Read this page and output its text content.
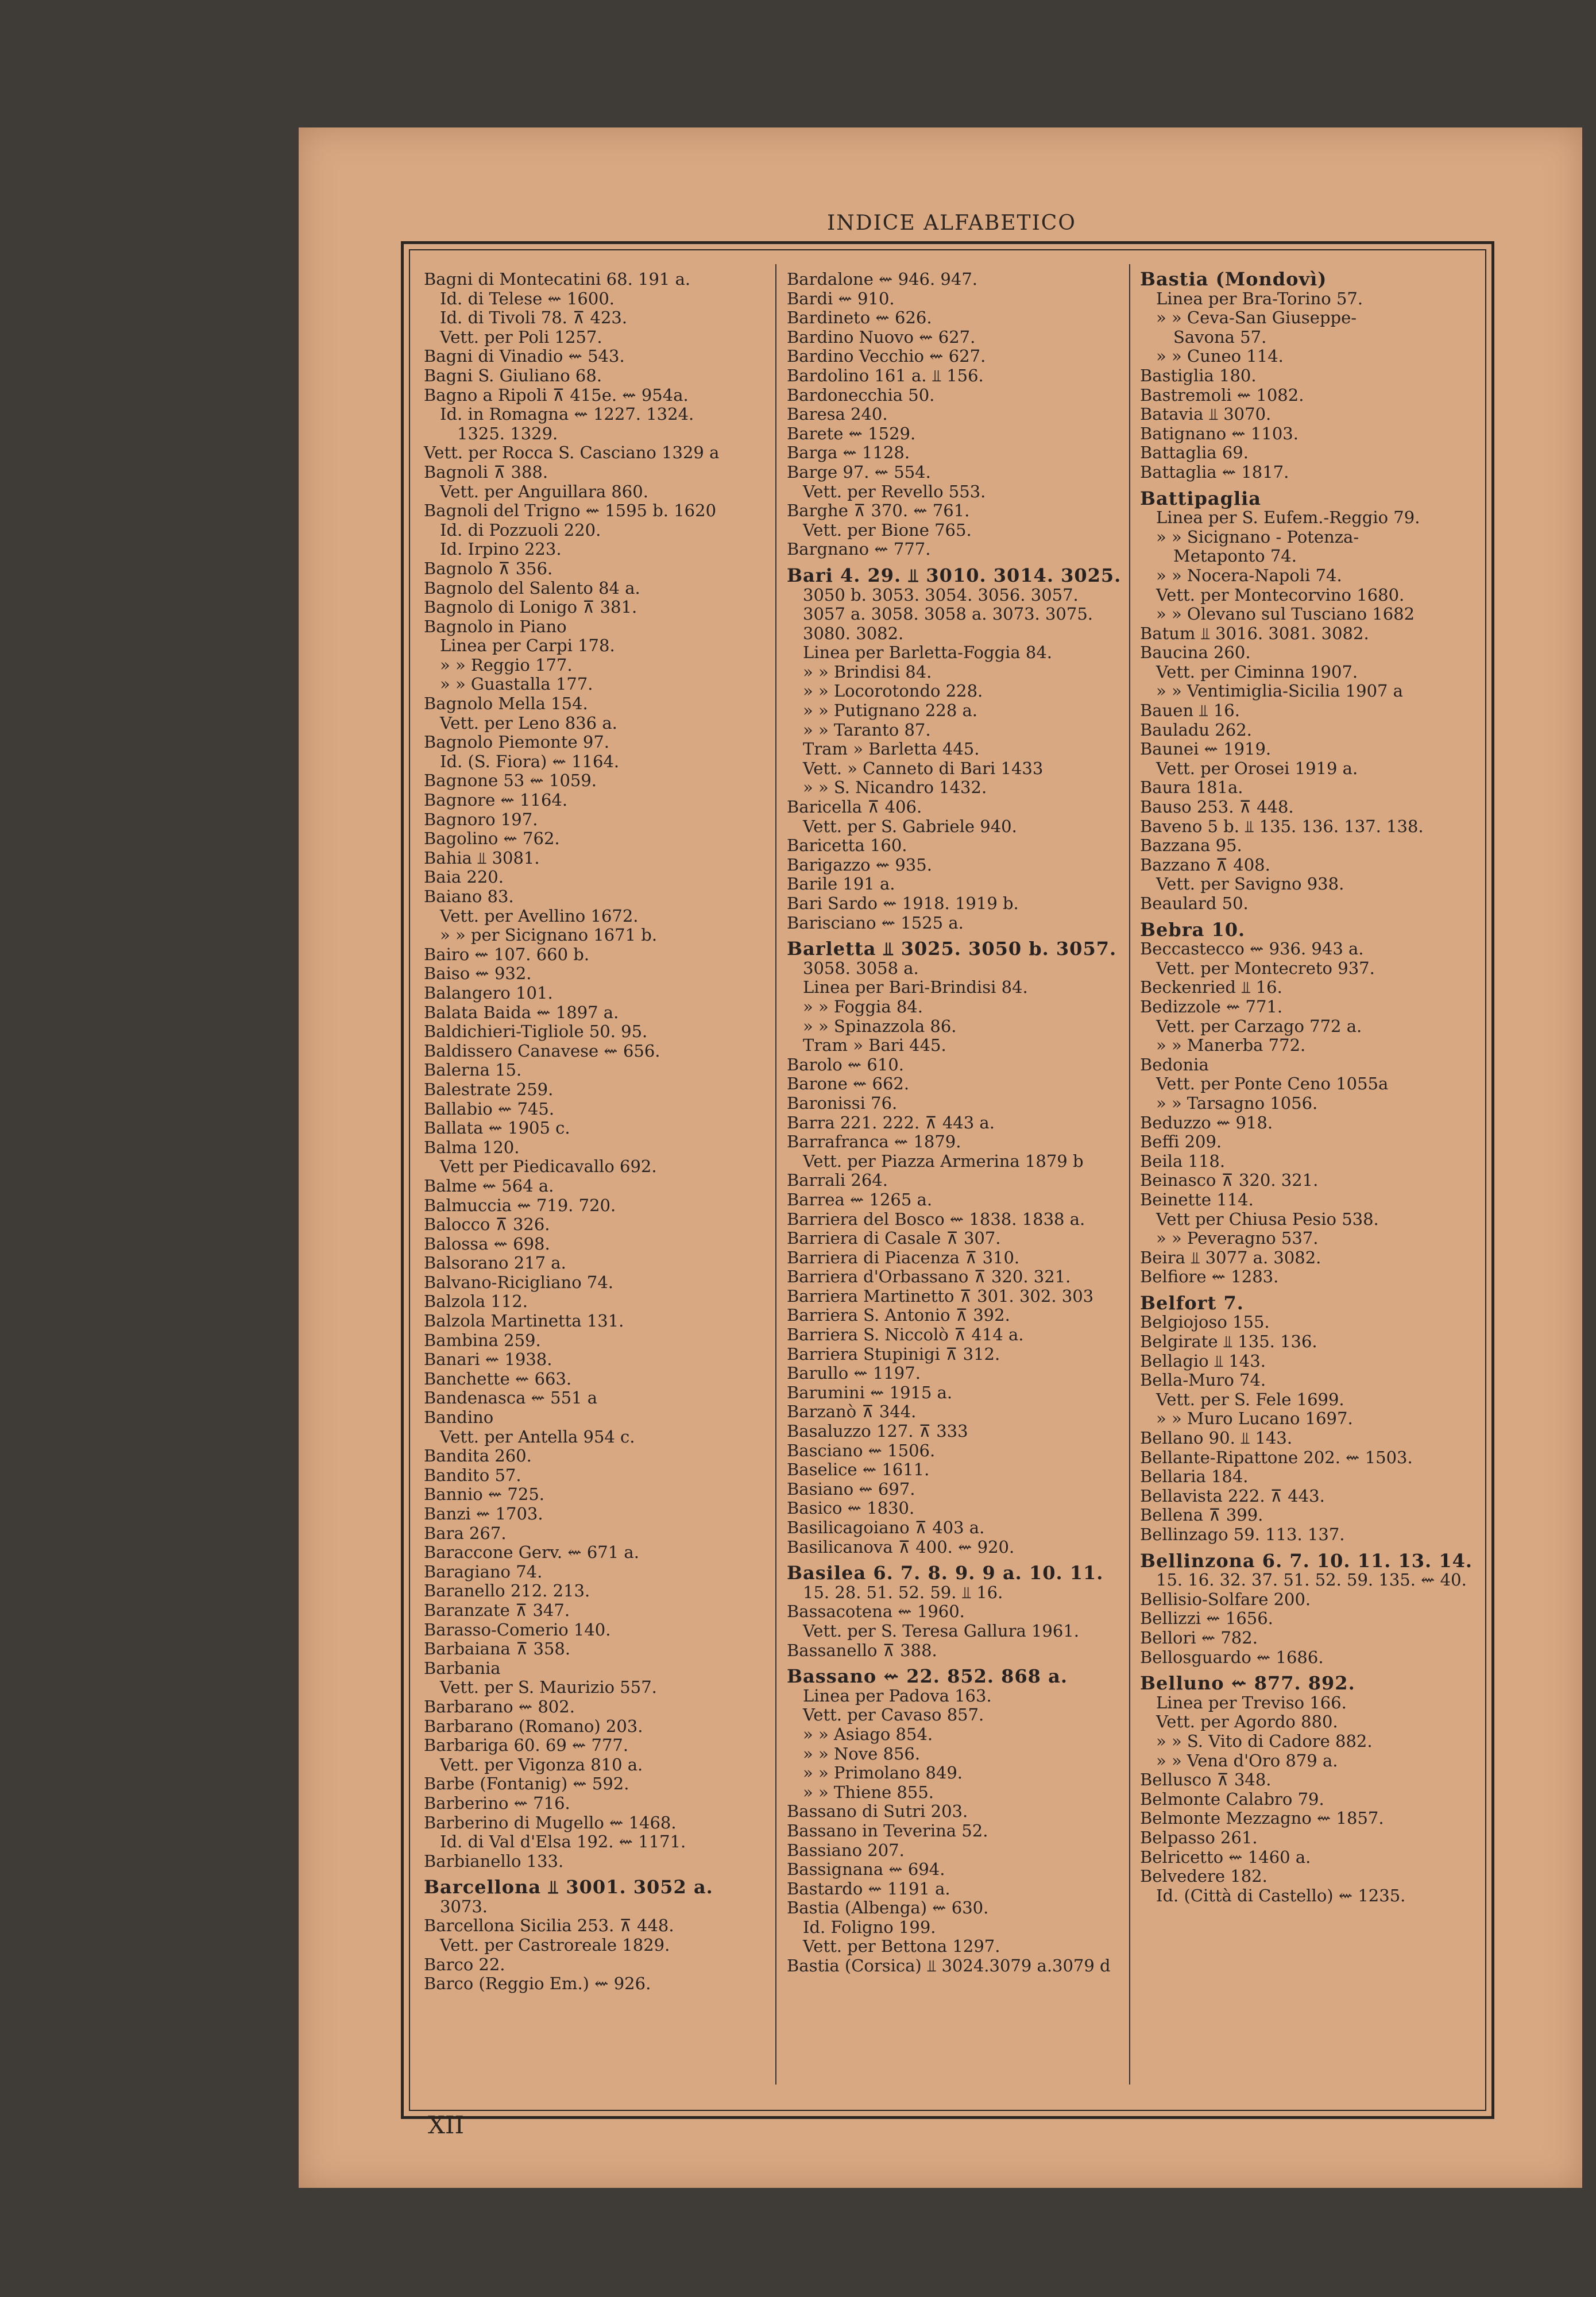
INDICE ALFABETICO
Bagni di Montecatini 68. 191 a.
Id. di Telese ⇜ 1600.
Id. di Tivoli 78. ⊼ 423.
Vett. per Poli 1257.
Bagni di Vinadio ⇜ 543.
Bagni S. Giuliano 68.
Bagno a Ripoli ⊼ 415e. ⇜ 954a.
Id. in Romagna ⇜ 1227. 1324.
1325. 1329.
Vett. per Rocca S. Casciano 1329 a
Bagnoli ⊼ 388.
Vett. per Anguillara 860.
Bagnoli del Trigno ⇜ 1595 b. 1620
Id. di Pozzuoli 220.
Id. Irpino 223.
Bagnolo ⊼ 356.
Bagnolo del Salento 84 a.
Bagnolo di Lonigo ⊼ 381.
Bagnolo in Piano
Linea per Carpi 178.
» » Reggio 177.
» » Guastalla 177.
Bagnolo Mella 154.
Vett. per Leno 836 a.
Bagnolo Piemonte 97.
Id. (S. Fiora) ⇜ 1164.
Bagnone 53 ⇜ 1059.
Bagnore ⇜ 1164.
Bagnoro 197.
Bagolino ⇜ 762.
Bahia ⫫ 3081.
Baia 220.
Baiano 83.
Vett. per Avellino 1672.
» » per Sicignano 1671 b.
Bairo ⇜ 107. 660 b.
Baiso ⇜ 932.
Balangero 101.
Balata Baida ⇜ 1897 a.
Baldichieri-Tigliole 50. 95.
Baldissero Canavese ⇜ 656.
Balerna 15.
Balestrate 259.
Ballabio ⇜ 745.
Ballata ⇜ 1905 c.
Balma 120.
Vett per Piedicavallo 692.
Balme ⇜ 564 a.
Balmuccia ⇜ 719. 720.
Balocco ⊼ 326.
Balossa ⇜ 698.
Balsorano 217 a.
Balvano-Ricigliano 74.
Balzola 112.
Balzola Martinetta 131.
Bambina 259.
Banari ⇜ 1938.
Banchette ⇜ 663.
Bandenasca ⇜ 551 a
Bandino
Vett. per Antella 954 c.
Bandita 260.
Bandito 57.
Bannio ⇜ 725.
Banzi ⇜ 1703.
Bara 267.
Baraccone Gerv. ⇜ 671 a.
Baragiano 74.
Baranello 212. 213.
Baranzate ⊼ 347.
Barasso-Comerio 140.
Barbaiana ⊼ 358.
Barbania
Vett. per S. Maurizio 557.
Barbarano ⇜ 802.
Barbarano (Romano) 203.
Barbariga 60. 69 ⇜ 777.
Vett. per Vigonza 810 a.
Barbe (Fontanig) ⇜ 592.
Barberino ⇜ 716.
Barberino di Mugello ⇜ 1468.
Id. di Val d'Elsa 192. ⇜ 1171.
Barbianello 133.
Barcellona ⫫ 3001. 3052 a.
3073.
Barcellona Sicilia 253. ⊼ 448.
Vett. per Castroreale 1829.
Barco 22.
Barco (Reggio Em.) ⇜ 926.
Bardalone ⇜ 946. 947.
Bardi ⇜ 910.
Bardineto ⇜ 626.
Bardino Nuovo ⇜ 627.
Bardino Vecchio ⇜ 627.
Bardolino 161 a. ⫫ 156.
Bardonecchia 50.
Baresa 240.
Barete ⇜ 1529.
Barga ⇜ 1128.
Barge 97. ⇜ 554.
Vett. per Revello 553.
Barghe ⊼ 370. ⇜ 761.
Vett. per Bione 765.
Bargnano ⇜ 777.
Bari 4. 29. ⫫ 3010. 3014. 3025.
3050 b. 3053. 3054. 3056. 3057.
3057 a. 3058. 3058 a. 3073. 3075.
3080. 3082.
Linea per Barletta-Foggia 84.
» » Brindisi 84.
» » Locorotondo 228.
» » Putignano 228 a.
» » Taranto 87.
Tram » Barletta 445.
Vett. » Canneto di Bari 1433
» » S. Nicandro 1432.
Baricella ⊼ 406.
Vett. per S. Gabriele 940.
Baricetta 160.
Barigazzo ⇜ 935.
Barile 191 a.
Bari Sardo ⇜ 1918. 1919 b.
Barisciano ⇜ 1525 a.
Barletta ⫫ 3025. 3050 b. 3057.
3058. 3058 a.
Linea per Bari-Brindisi 84.
» » Foggia 84.
» » Spinazzola 86.
Tram » Bari 445.
Barolo ⇜ 610.
Barone ⇜ 662.
Baronissi 76.
Barra 221. 222. ⊼ 443 a.
Barrafranca ⇜ 1879.
Vett. per Piazza Armerina 1879 b
Barrali 264.
Barrea ⇜ 1265 a.
Barriera del Bosco ⇜ 1838. 1838 a.
Barriera di Casale ⊼ 307.
Barriera di Piacenza ⊼ 310.
Barriera d'Orbassano ⊼ 320. 321.
Barriera Martinetto ⊼ 301. 302. 303
Barriera S. Antonio ⊼ 392.
Barriera S. Niccolò ⊼ 414 a.
Barriera Stupinigi ⊼ 312.
Barullo ⇜ 1197.
Barumini ⇜ 1915 a.
Barzanò ⊼ 344.
Basaluzzo 127. ⊼ 333
Basciano ⇜ 1506.
Baselice ⇜ 1611.
Basiano ⇜ 697.
Basico ⇜ 1830.
Basilicagoiano ⊼ 403 a.
Basilicanova ⊼ 400. ⇜ 920.
Basilea 6. 7. 8. 9. 9 a. 10. 11.
15. 28. 51. 52. 59. ⫫ 16.
Bassacotena ⇜ 1960.
Vett. per S. Teresa Gallura 1961.
Bassanello ⊼ 388.
Bassano ⇜ 22. 852. 868 a.
Linea per Padova 163.
Vett. per Cavaso 857.
» » Asiago 854.
» » Nove 856.
» » Primolano 849.
» » Thiene 855.
Bassano di Sutri 203.
Bassano in Teverina 52.
Bassiano 207.
Bassignana ⇜ 694.
Bastardo ⇜ 1191 a.
Bastia (Albenga) ⇜ 630.
Id. Foligno 199.
Vett. per Bettona 1297.
Bastia (Corsica) ⫫ 3024.3079 a.3079 d
Bastia (Mondovì)
Linea per Bra-Torino 57.
» » Ceva-San Giuseppe-
Savona 57.
» » Cuneo 114.
Bastiglia 180.
Bastremoli ⇜ 1082.
Batavia ⫫ 3070.
Batignano ⇜ 1103.
Battaglia 69.
Battaglia ⇜ 1817.
Battipaglia
Linea per S. Eufem.-Reggio 79.
» » Sicignano - Potenza-
Metaponto 74.
» » Nocera-Napoli 74.
Vett. per Montecorvino 1680.
» » Olevano sul Tusciano 1682
Batum ⫫ 3016. 3081. 3082.
Baucina 260.
Vett. per Ciminna 1907.
» » Ventimiglia-Sicilia 1907 a
Bauen ⫫ 16.
Bauladu 262.
Baunei ⇜ 1919.
Vett. per Orosei 1919 a.
Baura 181a.
Bauso 253. ⊼ 448.
Baveno 5 b. ⫫ 135. 136. 137. 138.
Bazzana 95.
Bazzano ⊼ 408.
Vett. per Savigno 938.
Beaulard 50.
Bebra 10.
Beccastecco ⇜ 936. 943 a.
Vett. per Montecreto 937.
Beckenried ⫫ 16.
Bedizzole ⇜ 771.
Vett. per Carzago 772 a.
» » Manerba 772.
Bedonia
Vett. per Ponte Ceno 1055a
» » Tarsagno 1056.
Beduzzo ⇜ 918.
Beffi 209.
Beila 118.
Beinasco ⊼ 320. 321.
Beinette 114.
Vett per Chiusa Pesio 538.
» » Peveragno 537.
Beira ⫫ 3077 a. 3082.
Belfiore ⇜ 1283.
Belfort 7.
Belgiojoso 155.
Belgirate ⫫ 135. 136.
Bellagio ⫫ 143.
Bella-Muro 74.
Vett. per S. Fele 1699.
» » Muro Lucano 1697.
Bellano 90. ⫫ 143.
Bellante-Ripattone 202. ⇜ 1503.
Bellaria 184.
Bellavista 222. ⊼ 443.
Bellena ⊼ 399.
Bellinzago 59. 113. 137.
Bellinzona 6. 7. 10. 11. 13. 14.
15. 16. 32. 37. 51. 52. 59. 135. ⇜ 40.
Bellisio-Solfare 200.
Bellizzi ⇜ 1656.
Bellori ⇜ 782.
Bellosguardo ⇜ 1686.
Belluno ⇜ 877. 892.
Linea per Treviso 166.
Vett. per Agordo 880.
» » S. Vito di Cadore 882.
» » Vena d'Oro 879 a.
Bellusco ⊼ 348.
Belmonte Calabro 79.
Belmonte Mezzagno ⇜ 1857.
Belpasso 261.
Belricetto ⇜ 1460 a.
Belvedere 182.
Id. (Città di Castello) ⇜ 1235.
XII
